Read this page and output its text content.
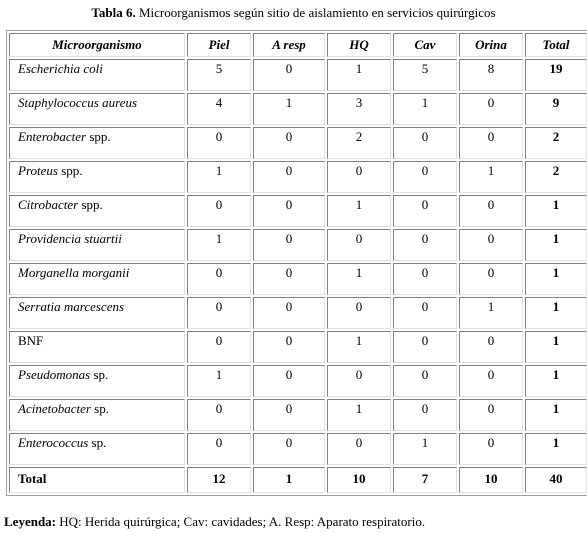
Tabla 6. Microorganismos según sitio de aislamiento en servicios quirúrgicos
Microorganismo	Piel	A resp	HQ	Cav	Orina	Total
Escherichia coli	5	0	1	5	8	19
Staphylococcus aureus	4	1	3	1	0	9
Enterobacter spp.	0	0	2	0	0	2
Proteus spp.	1	0	0	0	1	2
Citrobacter spp.	0	0	1	0	0	1
Providencia stuartii	1	0	0	0	0	1
Morganella morganii	0	0	1	0	0	1
Serratia marcescens	0	0	0	0	1	1
BNF	0	0	1	0	0	1
Pseudomonas sp.	1	0	0	0	0	1
Acinetobacter sp.	0	0	1	0	0	1
Enterococcus sp.	0	0	0	1	0	1
Total	12	1	10	7	10	40
Leyenda: HQ: Herida quirúrgica; Cav: cavidades; A. Resp: Aparato respiratorio.
